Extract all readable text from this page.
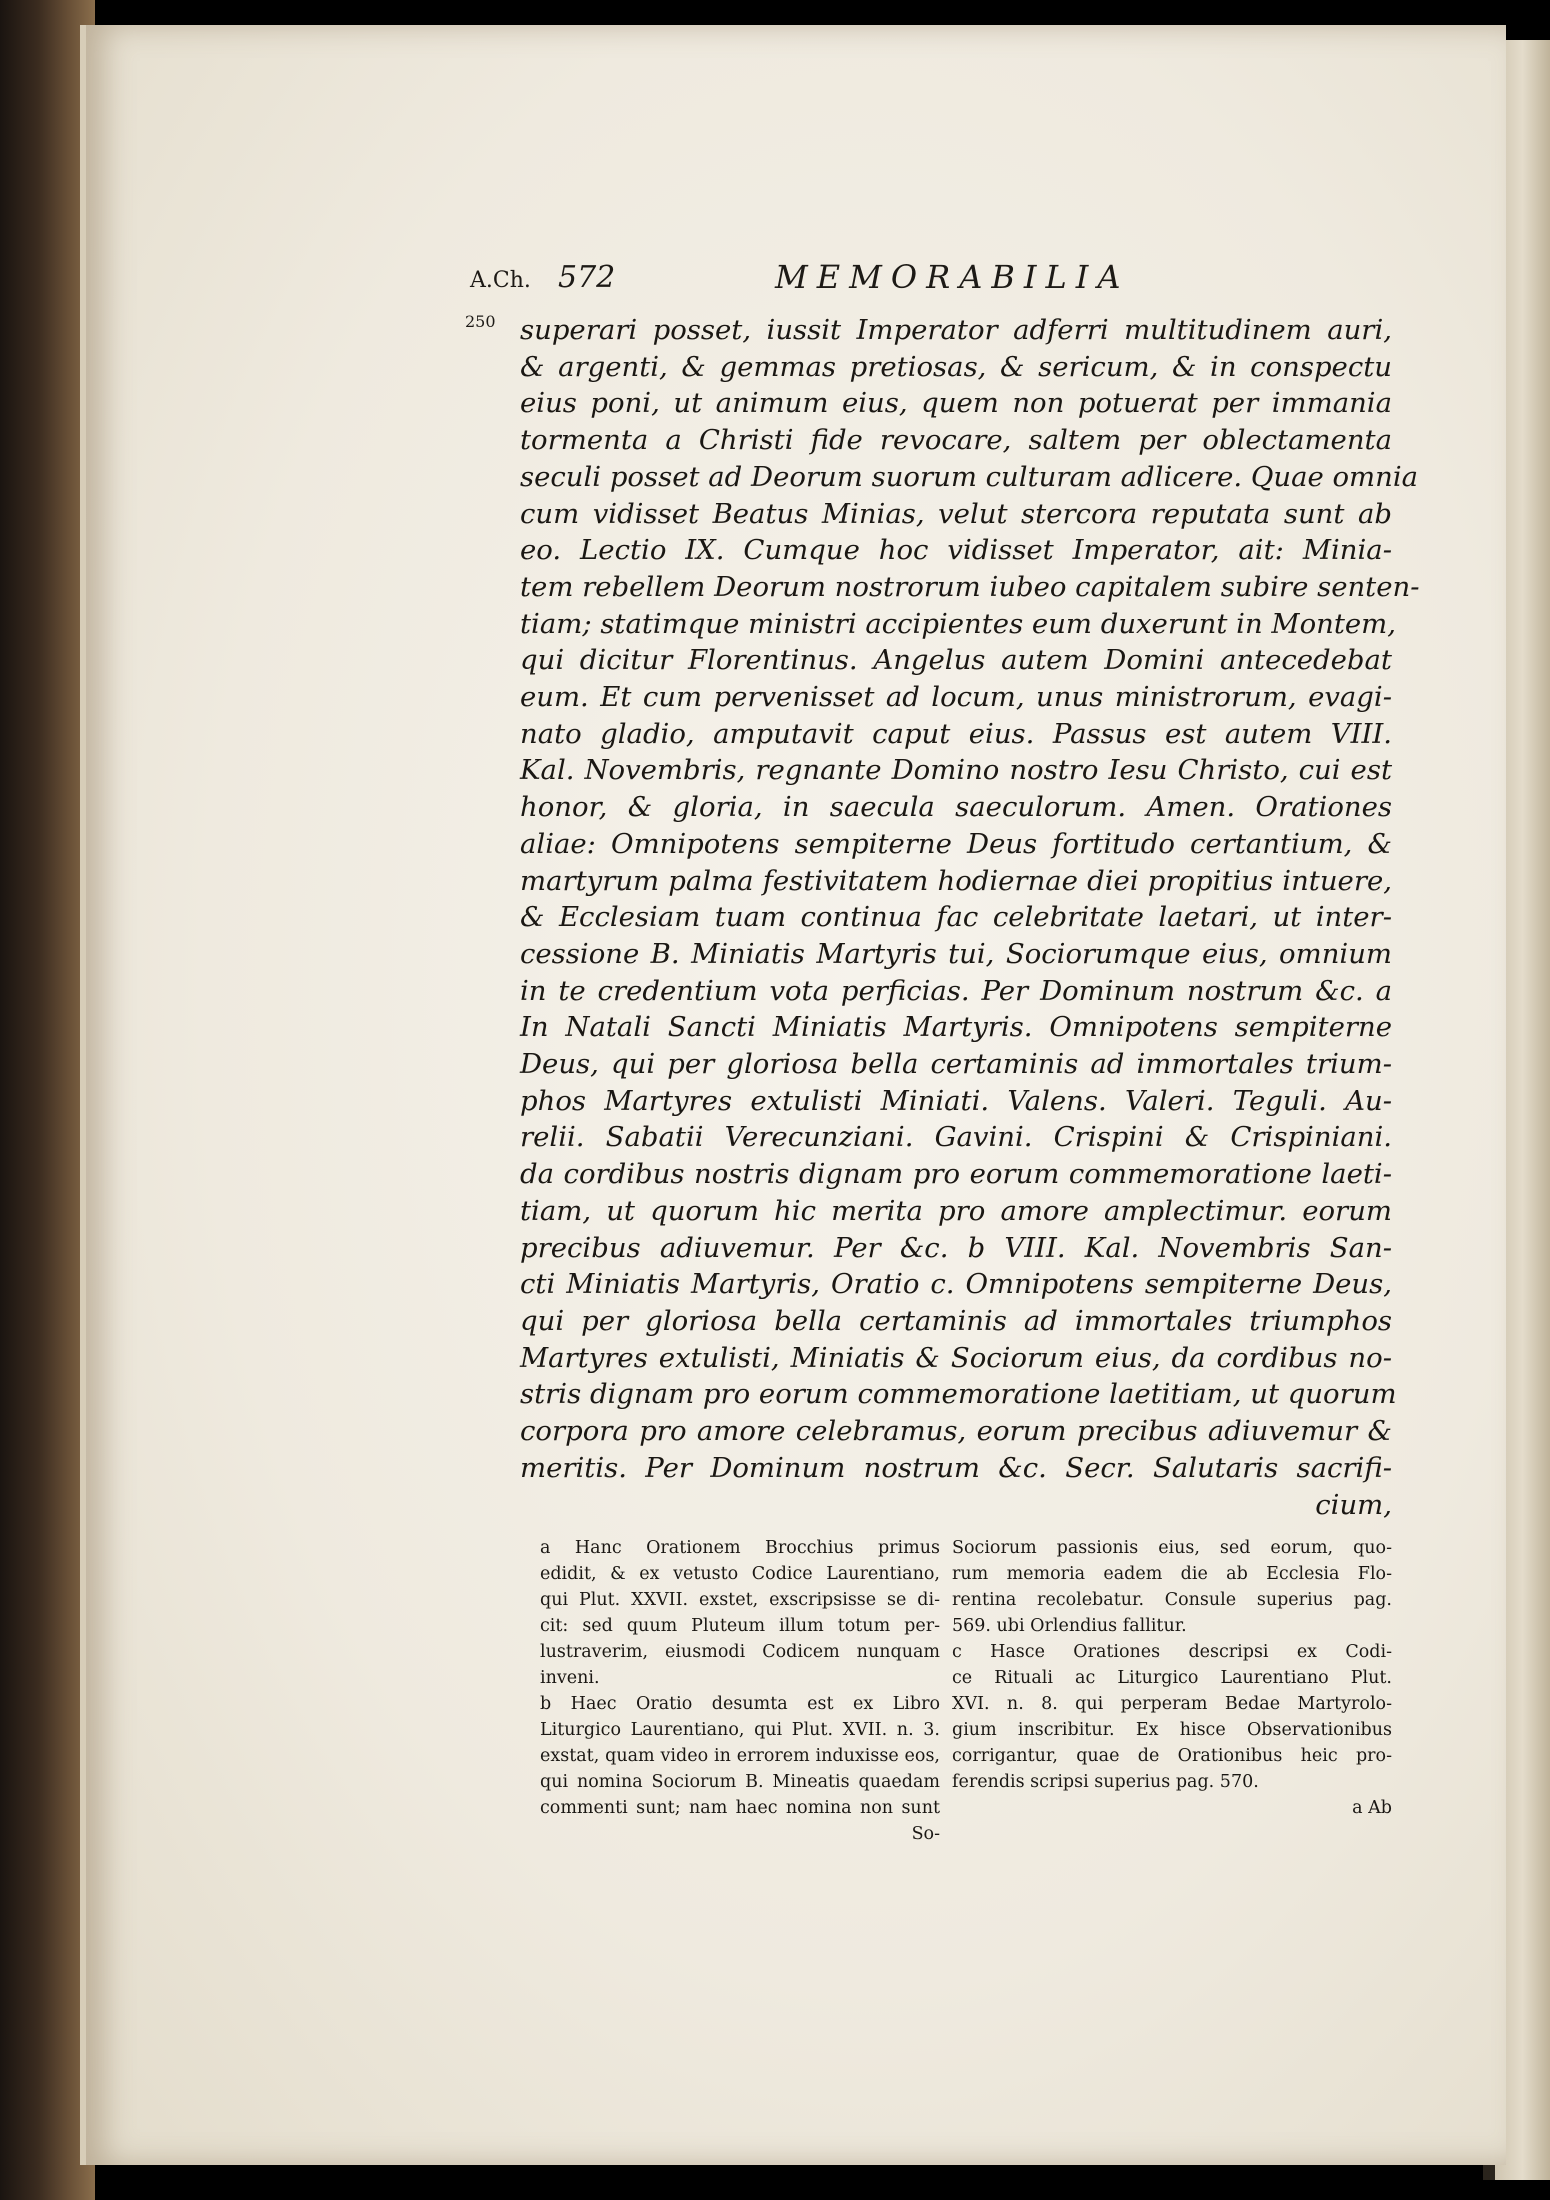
A.Ch. 572	MEMORABILIA
250 superari posset, iussit Imperator adferri multitudinem auri,
& argenti, & gemmas pretiosas, & sericum, & in conspectu
eius poni, ut animum eius, quem non potuerat per immania
tormenta a Christi fide revocare, saltem per oblectamenta
seculi posset ad Deorum suorum culturam adlicere. Quae omnia
cum vidisset Beatus Minias, velut stercora reputata sunt ab
eo. Lectio IX. Cumque hoc vidisset Imperator, ait: Minia-
tem rebellem Deorum nostrorum iubeo capitalem subire senten-
tiam; statimque ministri accipientes eum duxerunt in Montem,
qui dicitur Florentinus. Angelus autem Domini antecedebat
eum. Et cum pervenisset ad locum, unus ministrorum, evagi-
nato gladio, amputavit caput eius. Passus est autem VIII.
Kal. Novembris, regnante Domino nostro Iesu Christo, cui est
honor, & gloria, in saecula saeculorum. Amen. Orationes
aliae: Omnipotens sempiterne Deus fortitudo certantium, &
martyrum palma festivitatem hodiernae diei propitius intuere,
& Ecclesiam tuam continua fac celebritate laetari, ut inter-
cessione B. Miniatis Martyris tui, Sociorumque eius, omnium
in te credentium vota perficias. Per Dominum nostrum &c. a
In Natali Sancti Miniatis Martyris. Omnipotens sempiterne
Deus, qui per gloriosa bella certaminis ad immortales trium-
phos Martyres extulisti Miniati. Valens. Valeri. Teguli. Au-
relii. Sabatii Verecunziani. Gavini. Crispini & Crispiniani.
da cordibus nostris dignam pro eorum commemoratione laeti-
tiam, ut quorum hic merita pro amore amplectimur. eorum
precibus adiuvemur. Per &c. b VIII. Kal. Novembris San-
cti Miniatis Martyris, Oratio c. Omnipotens sempiterne Deus,
qui per gloriosa bella certaminis ad immortales triumphos
Martyres extulisti, Miniatis & Sociorum eius, da cordibus no-
stris dignam pro eorum commemoratione laetitiam, ut quorum
corpora pro amore celebramus, eorum precibus adiuvemur &
meritis. Per Dominum nostrum &c. Secr. Salutaris sacrifi-
cium,
a Hanc Orationem Brocchius primus
edidit, & ex vetusto Codice Laurentiano,
qui Plut. XXVII. exstet, exscripsisse se di-
cit: sed quum Pluteum illum totum per-
lustraverim, eiusmodi Codicem nunquam
inveni.
b Haec Oratio desumta est ex Libro
Liturgico Laurentiano, qui Plut. XVII. n. 3.
exstat, quam video in errorem induxisse eos,
qui nomina Sociorum B. Mineatis quaedam
commenti sunt; nam haec nomina non sunt
So-
Sociorum passionis eius, sed eorum, quo-
rum memoria eadem die ab Ecclesia Flo-
rentina recolebatur. Consule superius pag.
569. ubi Orlendius fallitur.
c Hasce Orationes descripsi ex Codi-
ce Rituali ac Liturgico Laurentiano Plut.
XVI. n. 8. qui perperam Bedae Martyrolo-
gium inscribitur. Ex hisce Observationibus
corrigantur, quae de Orationibus heic pro-
ferendis scripsi superius pag. 570.
a Ab
